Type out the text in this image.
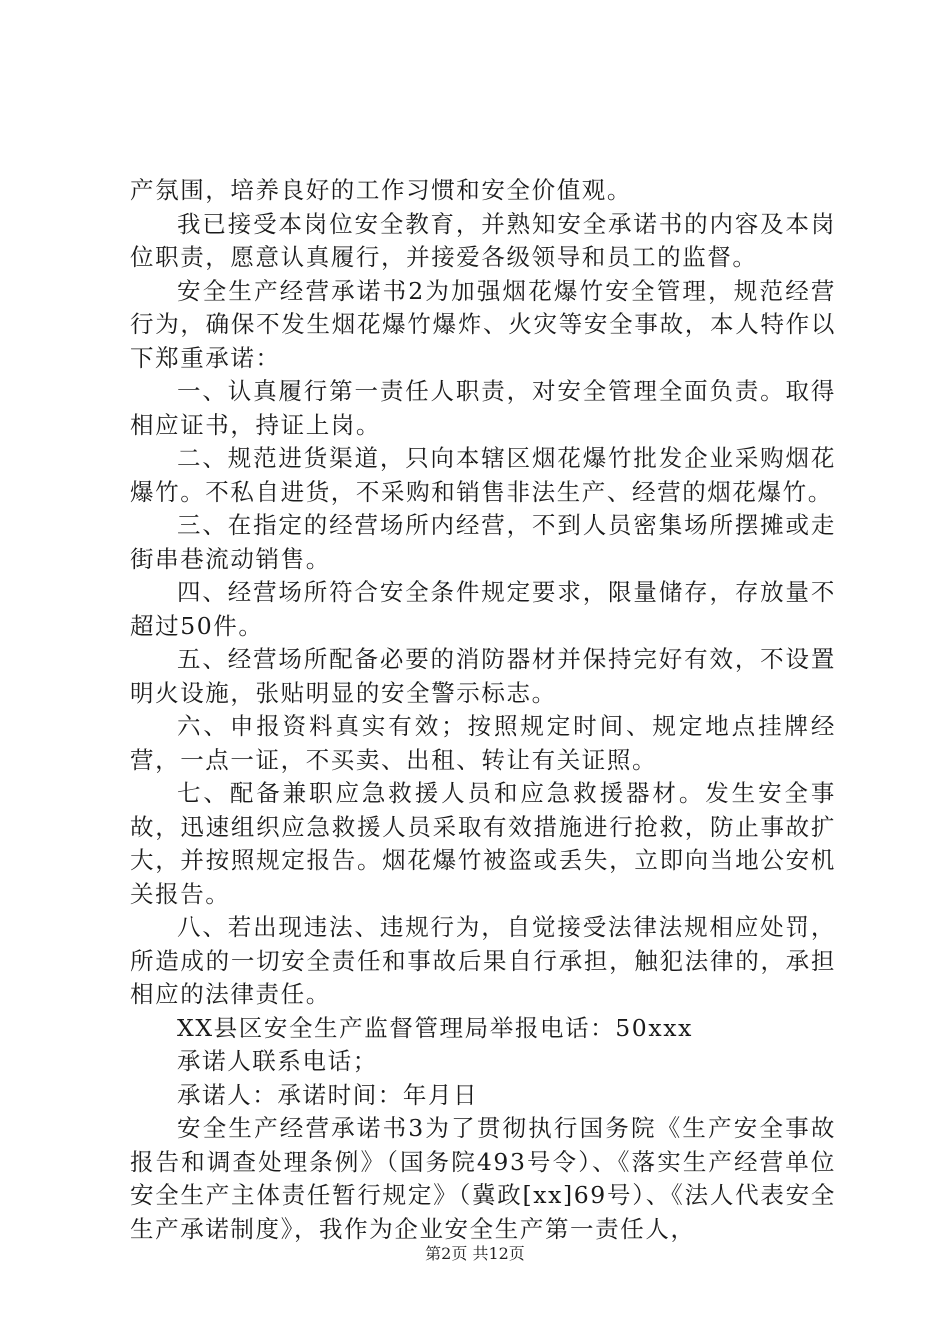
产氛围，培养良好的工作习惯和安全价值观。

我已接受本岗位安全教育，并熟知安全承诺书的内容及本岗位职责，愿意认真履行，并接爱各级领导和员工的监督。

安全生产经营承诺书2为加强烟花爆竹安全管理，规范经营行为，确保不发生烟花爆竹爆炸、火灾等安全事故，本人特作以下郑重承诺：

一、认真履行第一责任人职责，对安全管理全面负责。取得相应证书，持证上岗。

二、规范进货渠道，只向本辖区烟花爆竹批发企业采购烟花爆竹。不私自进货，不采购和销售非法生产、经营的烟花爆竹。

三、在指定的经营场所内经营，不到人员密集场所摆摊或走街串巷流动销售。

四、经营场所符合安全条件规定要求，限量储存，存放量不超过50件。

五、经营场所配备必要的消防器材并保持完好有效，不设置明火设施，张贴明显的安全警示标志。

六、申报资料真实有效；按照规定时间、规定地点挂牌经营，一点一证，不买卖、出租、转让有关证照。

七、配备兼职应急救援人员和应急救援器材。发生安全事故，迅速组织应急救援人员采取有效措施进行抢救，防止事故扩大，并按照规定报告。烟花爆竹被盗或丢失，立即向当地公安机关报告。

八、若出现违法、违规行为，自觉接受法律法规相应处罚，所造成的一切安全责任和事故后果自行承担，触犯法律的，承担相应的法律责任。

XX县区安全生产监督管理局举报电话：50xxx

承诺人联系电话；

承诺人：承诺时间：年月日

安全生产经营承诺书3为了贯彻执行国务院《生产安全事故报告和调查处理条例》（国务院493号令）、《落实生产经营单位安全生产主体责任暂行规定》（冀政[xx]69号）、《法人代表安全生产承诺制度》，我作为企业安全生产第一责任人，

第2页 共12页
